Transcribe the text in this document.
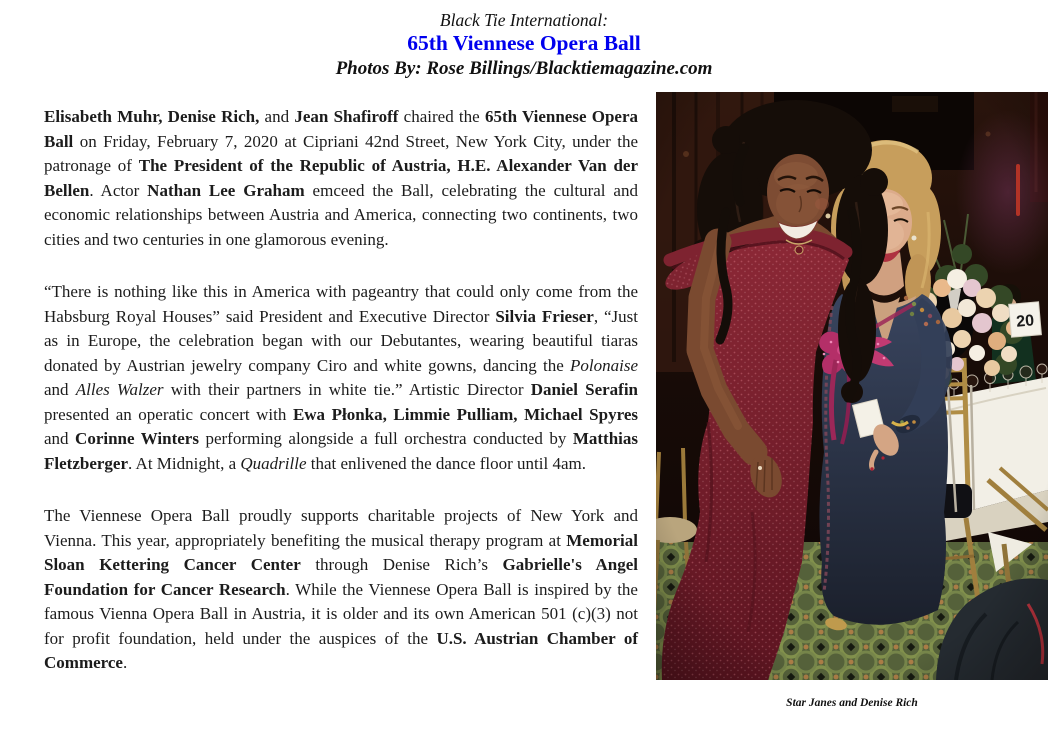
Black Tie International:
65th Viennese Opera Ball
Photos By: Rose Billings/Blacktiemagazine.com

Elisabeth Muhr, Denise Rich, and Jean Shafiroff chaired the 65th Viennese Opera Ball on Friday, February 7, 2020 at Cipriani 42nd Street, New York City, under the patronage of The President of the Republic of Austria, H.E. Alexander Van der Bellen. Actor Nathan Lee Graham emceed the Ball, celebrating the cultural and economic relationships between Austria and America, connecting two continents, two cities and two centuries in one glamorous evening.

“There is nothing like this in America with pageantry that could only come from the Habsburg Royal Houses” said President and Executive Director Silvia Frieser, “Just as in Europe, the celebration began with our Debutantes, wearing beautiful tiaras donated by Austrian jewelry company Ciro and white gowns, dancing the Polonaise and Alles Walzer with their partners in white tie.” Artistic Director Daniel Serafin presented an operatic concert with Ewa Płonka, Limmie Pulliam, Michael Spyres and Corinne Winters performing alongside a full orchestra conducted by Matthias Fletzberger. At Midnight, a Quadrille that enlivened the dance floor until 4am.

The Viennese Opera Ball proudly supports charitable projects of New York and Vienna. This year, appropriately benefiting the musical therapy program at Memorial Sloan Kettering Cancer Center through Denise Rich’s Gabrielle's Angel Foundation for Cancer Research. While the Viennese Opera Ball is inspired by the famous Vienna Opera Ball in Austria, it is older and its own American 501 (c)(3) not for profit foundation, held under the auspices of the U.S. Austrian Chamber of Commerce.

Star Janes and Denise Rich
